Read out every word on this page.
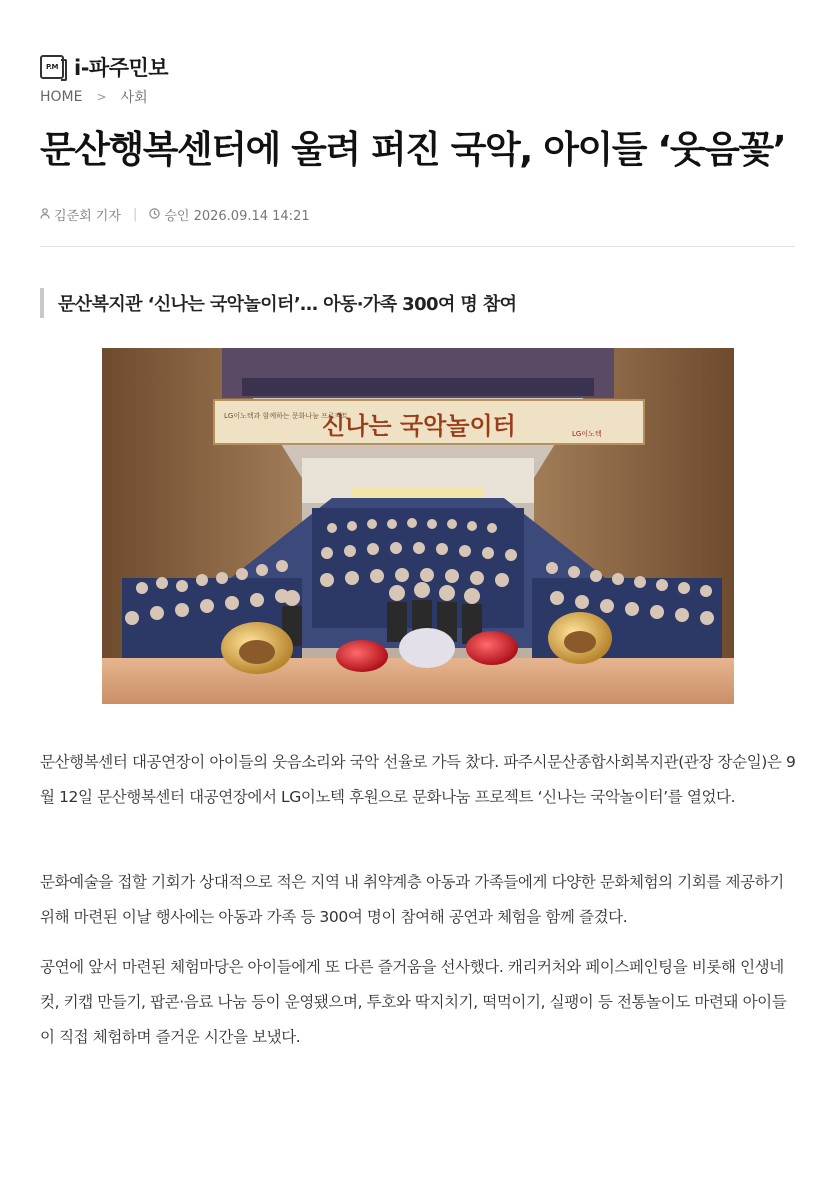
P.M i-파주민보
HOME > 사회
문산행복센터에 울려 퍼진 국악, 아이들 ‘웃음꽃’
김준회 기자 | 승인 2026.09.14 14:21
문산복지관 ‘신나는 국악놀이터’… 아동·가족 300여 명 참여
신나는 국악놀이터
LG이노텍과 함께하는 문화나눔 프로젝트
LG이노텍

문산행복센터 대공연장이 아이들의 웃음소리와 국악 선율로 가득 찼다. 파주시문산종합사회복지관(관장 장순일)은 9월 12일 문산행복센터 대공연장에서 LG이노텍 후원으로 문화나눔 프로젝트 ‘신나는 국악놀이터’를 열었다.

문화예술을 접할 기회가 상대적으로 적은 지역 내 취약계층 아동과 가족들에게 다양한 문화체험의 기회를 제공하기 위해 마련된 이날 행사에는 아동과 가족 등 300여 명이 참여해 공연과 체험을 함께 즐겼다.

공연에 앞서 마련된 체험마당은 아이들에게 또 다른 즐거움을 선사했다. 캐리커처와 페이스페인팅을 비롯해 인생네컷, 키캡 만들기, 팝콘·음료 나눔 등이 운영됐으며, 투호와 딱지치기, 떡먹이기, 실팽이 등 전통놀이도 마련돼 아이들이 직접 체험하며 즐거운 시간을 보냈다.
